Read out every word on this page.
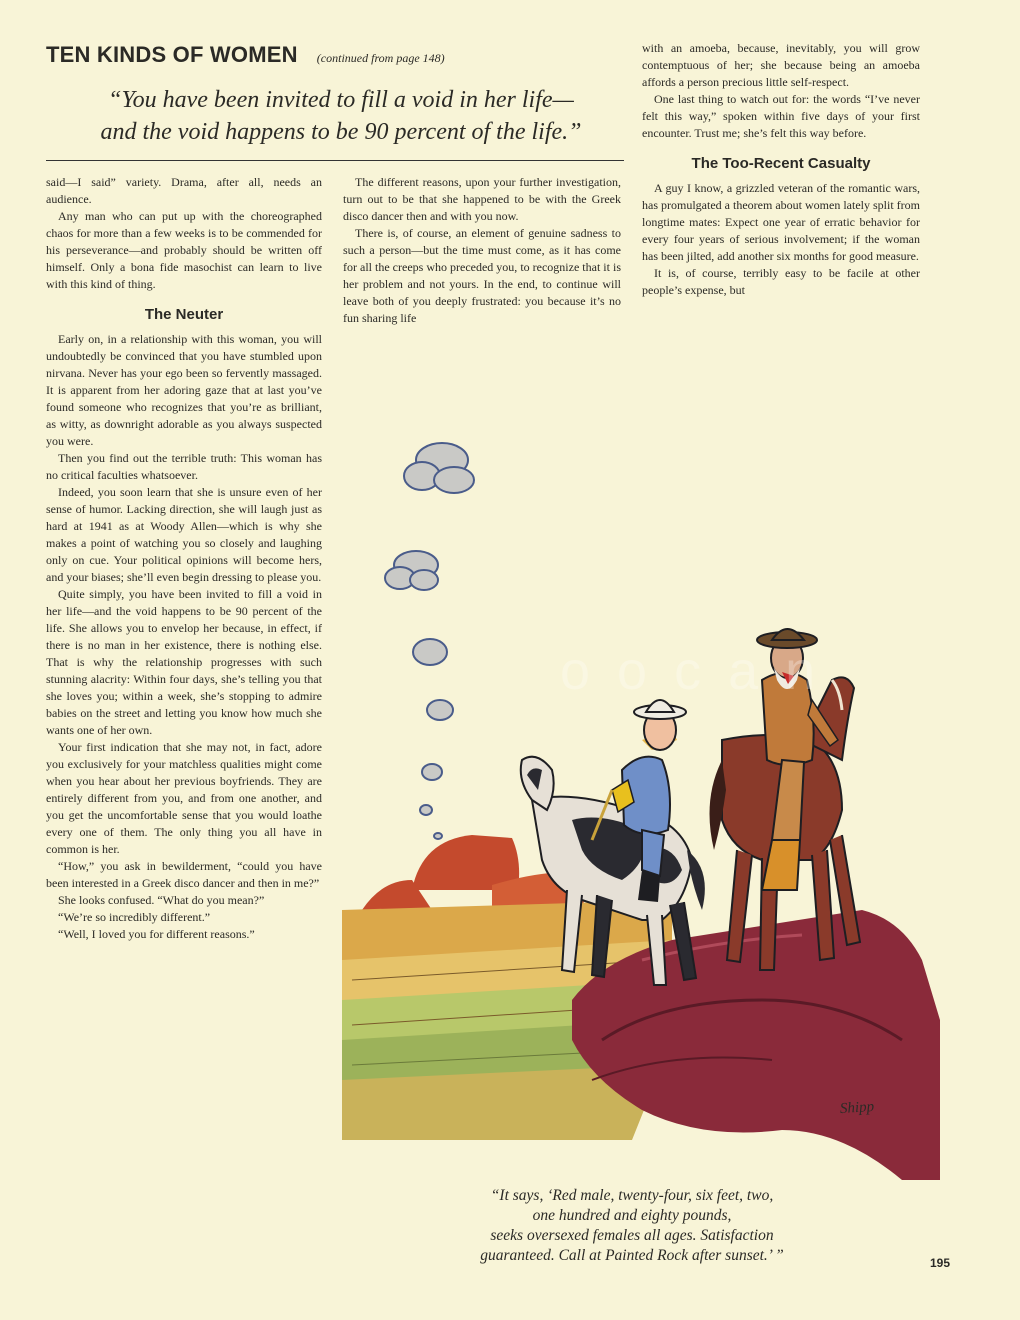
TEN KINDS OF WOMEN (continued from page 148)
“You have been invited to fill a void in her life—
and the void happens to be 90 percent of the life.”

said—I said” variety. Drama, after all, needs an audience.

Any man who can put up with the choreographed chaos for more than a few weeks is to be commended for his perseverance—and probably should be written off himself. Only a bona fide masochist can learn to live with this kind of thing.

The Neuter

Early on, in a relationship with this woman, you will undoubtedly be convinced that you have stumbled upon nirvana. Never has your ego been so fervently massaged. It is apparent from her adoring gaze that at last you’ve found someone who recognizes that you’re as brilliant, as witty, as downright adorable as you always suspected you were.

Then you find out the terrible truth: This woman has no critical faculties whatsoever.

Indeed, you soon learn that she is unsure even of her sense of humor. Lacking direction, she will laugh just as hard at 1941 as at Woody Allen—which is why she makes a point of watching you so closely and laughing only on cue. Your political opinions will become hers, and your biases; she’ll even begin dressing to please you.

Quite simply, you have been invited to fill a void in her life—and the void happens to be 90 percent of the life. She allows you to envelop her because, in effect, if there is no man in her existence, there is nothing else. That is why the relationship progresses with such stunning alacrity: Within four days, she’s telling you that she loves you; within a week, she’s stopping to admire babies on the street and letting you know how much she wants one of her own.

Your first indication that she may not, in fact, adore you exclusively for your matchless qualities might come when you hear about her previous boyfriends. They are entirely different from you, and from one another, and you get the uncomfortable sense that you would loathe every one of them. The only thing you all have in common is her.

“How,” you ask in bewilderment, “could you have been interested in a Greek disco dancer and then in me?”

She looks confused. “What do you mean?”

“We’re so incredibly different.”

“Well, I loved you for different reasons.”

The different reasons, upon your further investigation, turn out to be that she happened to be with the Greek disco dancer then and with you now.

There is, of course, an element of genuine sadness to such a person—but the time must come, as it has come for all the creeps who preceded you, to recognize that it is her problem and not yours. In the end, to continue will leave both of you deeply frustrated: you because it’s no fun sharing life

with an amoeba, because, inevitably, you will grow contemptuous of her; she because being an amoeba affords a person precious little self-respect.

One last thing to watch out for: the words “I’ve never felt this way,” spoken within five days of your first encounter. Trust me; she’s felt this way before.

The Too-Recent Casualty

A guy I know, a grizzled veteran of the romantic wars, has promulgated a theorem about women lately split from longtime mates: Expect one year of erratic behavior for every four years of serious involvement; if the woman has been jilted, add another six months for good measure.

It is, of course, terribly easy to be facile at other people’s expense, but

Shipp
o o c a n
“It says, ‘Red male, twenty-four, six feet, two,
one hundred and eighty pounds,
seeks oversexed females all ages. Satisfaction
guaranteed. Call at Painted Rock after sunset.’ ”	195
